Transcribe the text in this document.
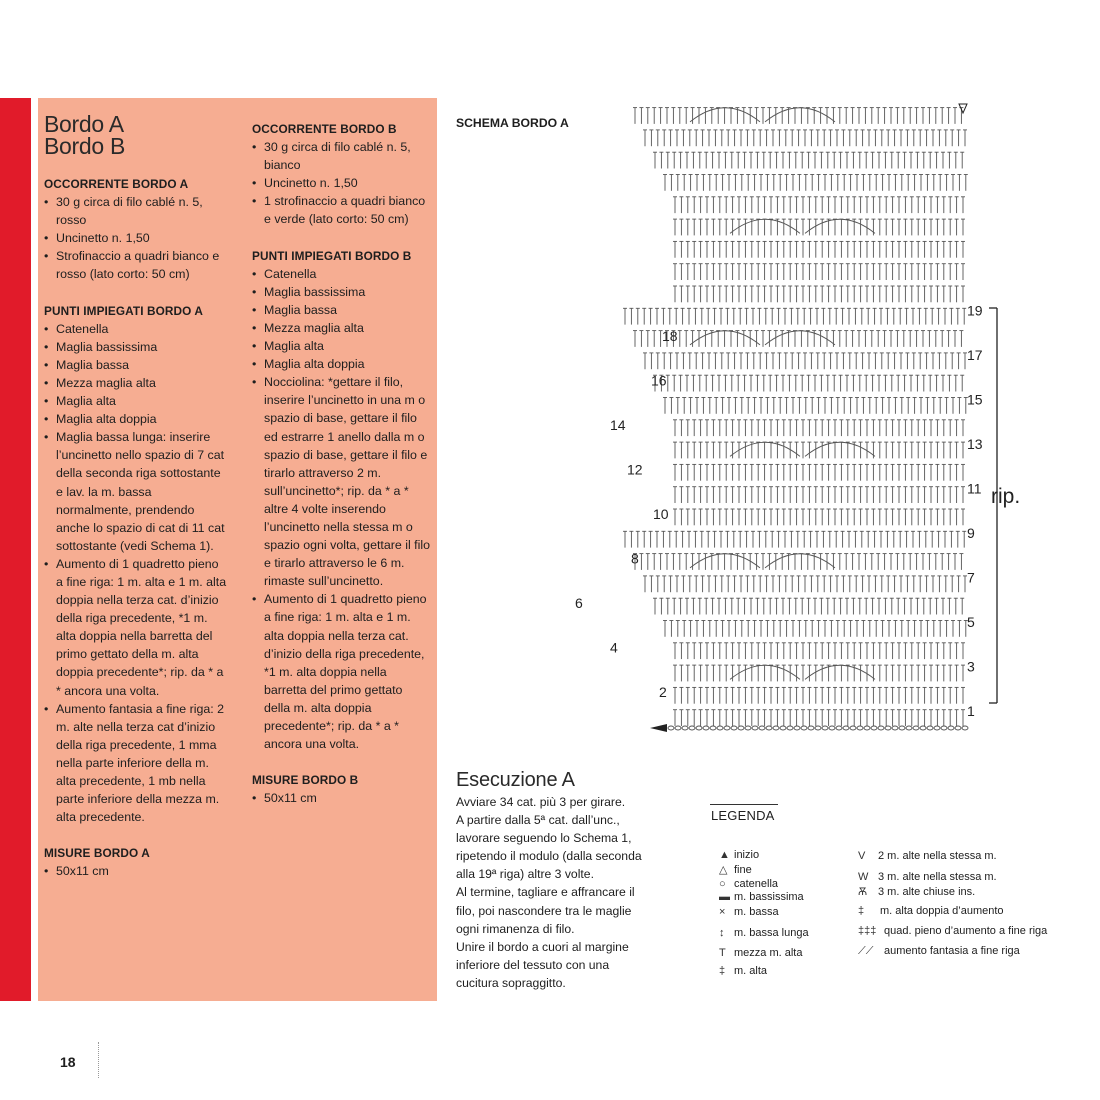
Bordo A
Bordo B
OCCORRENTE BORDO A
• 30 g circa di filo cablé n. 5, rosso
• Uncinetto n. 1,50
• Strofinaccio a quadri bianco e rosso (lato corto: 50 cm)
PUNTI IMPIEGATI BORDO A
• Catenella
• Maglia bassissima
• Maglia bassa
• Mezza maglia alta
• Maglia alta
• Maglia alta doppia
• Maglia bassa lunga: inserire l’uncinetto nello spazio di 7 cat della seconda riga sottostante e lav. la m. bassa normalmente, prendendo anche lo spazio di cat di 11 cat sottostante (vedi Schema 1).
• Aumento di 1 quadretto pieno a fine riga: 1 m. alta e 1 m. alta doppia nella terza cat. d’inizio della riga precedente, *1 m. alta doppia nella barretta del primo gettato della m. alta doppia precedente*; rip. da * a * ancora una volta.
• Aumento fantasia a fine riga: 2 m. alte nella terza cat d’inizio della riga precedente, 1 mma nella parte inferiore della m. alta precedente, 1 mb nella parte inferiore della mezza m. alta precedente.
MISURE BORDO A
• 50x11 cm
OCCORRENTE BORDO B
• 30 g circa di filo cablé n. 5, bianco
• Uncinetto n. 1,50
• 1 strofinaccio a quadri bianco e verde (lato corto: 50 cm)
PUNTI IMPIEGATI BORDO B
• Catenella
• Maglia bassissima
• Maglia bassa
• Mezza maglia alta
• Maglia alta
• Maglia alta doppia
• Nocciolina: *gettare il filo, inserire l’uncinetto in una m o spazio di base, gettare il filo ed estrarre 1 anello dalla m o spazio di base, gettare il filo e tirarlo attraverso 2 m. sull’uncinetto*; rip. da * a * altre 4 volte inserendo l’uncinetto nella stessa m o spazio ogni volta, gettare il filo e tirarlo attraverso le 6 m. rimaste sull’uncinetto.
• Aumento di 1 quadretto pieno a fine riga: 1 m. alta e 1 m. alta doppia nella terza cat. d’inizio della riga precedente, *1 m. alta doppia nella barretta del primo gettato della m. alta doppia precedente*; rip. da * a * ancora una volta.
MISURE BORDO B
• 50x11 cm
SCHEMA BORDO A
1
3
5
7
9
11
13
15
17
19
2
4
6
8
10
12
14
16
18
rip.
Esecuzione A
Avviare 34 cat. più 3 per girare.
A partire dalla 5ª cat. dall’unc.,
lavorare seguendo lo Schema 1,
ripetendo il modulo (dalla seconda
alla 19ª riga) altre 3 volte.
Al termine, tagliare e affrancare il
filo, poi nascondere tra le maglie
ogni rimanenza di filo.
Unire il bordo a cuori al margine
inferiore del tessuto con una
cucitura sopraggitto.
LEGENDA
▲ inizio
△ fine
○ catenella
▬ m. bassissima
× m. bassa
↕ m. bassa lunga
T mezza m. alta
‡ m. alta
V 2 m. alte nella stessa m.
W 3 m. alte nella stessa m.
Ѫ 3 m. alte chiuse ins.
‡ m. alta doppia d’aumento
‡‡‡ quad. pieno d’aumento a fine riga
⟋⟋ aumento fantasia a fine riga
18
